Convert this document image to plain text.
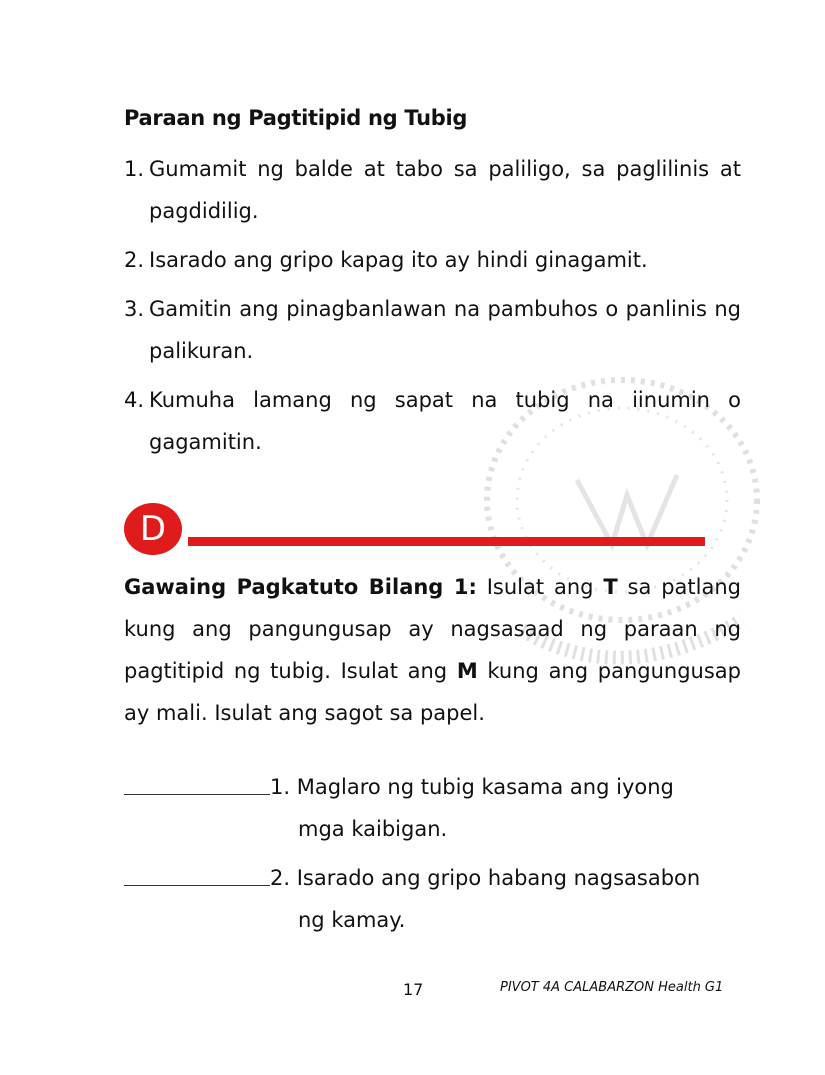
Paraan ng Pagtitipid ng Tubig
1. Gumamit ng balde at tabo sa paliligo, sa paglilinis at pagdidilig.
2. Isarado ang gripo kapag ito ay hindi ginagamit.
3. Gamitin ang pinagbanlawan na pambuhos o panlinis ng palikuran.
4. Kumuha lamang ng sapat na tubig na iinumin o gagamitin.
D
Gawaing Pagkatuto Bilang 1: Isulat ang T sa patlang kung ang pangungusap ay nagsasaad ng paraan ng pagtitipid ng tubig. Isulat ang M kung ang pangungusap ay mali. Isulat ang sagot sa papel.
1. Maglaro ng tubig kasama ang iyong
mga kaibigan.
2. Isarado ang gripo habang nagsasabon
ng kamay.
17	PIVOT 4A CALABARZON Health G1
